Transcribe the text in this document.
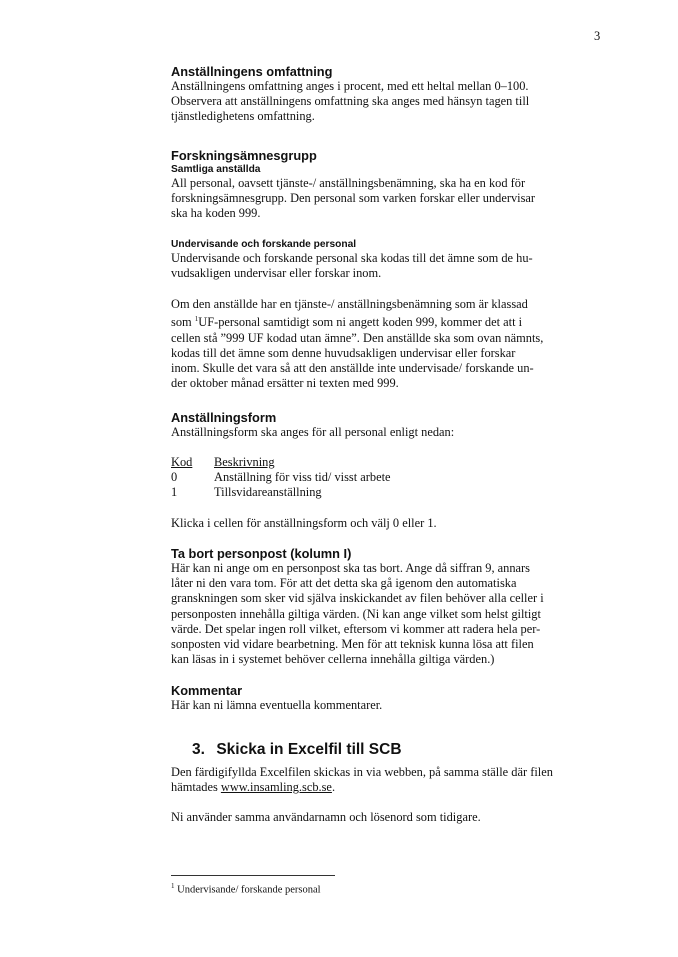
3
Anställningens omfattning
Anställningens omfattning anges i procent, med ett heltal mellan 0–100.
Observera att anställningens omfattning ska anges med hänsyn tagen till
tjänstledighetens omfattning.
Forskningsämnesgrupp
Samtliga anställda
All personal, oavsett tjänste-/ anställningsbenämning, ska ha en kod för
forskningsämnesgrupp. Den personal som varken forskar eller undervisar
ska ha koden 999.
Undervisande och forskande personal
Undervisande och forskande personal ska kodas till det ämne som de hu-
vudsakligen undervisar eller forskar inom.
Om den anställde har en tjänste-/ anställningsbenämning som är klassad
som $^1$UF-personal samtidigt som ni angett koden 999, kommer det att i
cellen stå ”999 UF kodad utan ämne”. Den anställde ska som ovan nämnts,
kodas till det ämne som denne huvudsakligen undervisar eller forskar
inom. Skulle det vara så att den anställde inte undervisade/ forskande un-
der oktober månad ersätter ni texten med 999.
Anställningsform
Anställningsform ska anges för all personal enligt nedan:
Kod	Beskrivning
0	Anställning för viss tid/ visst arbete
1	Tillsvidareanställning
Klicka i cellen för anställningsform och välj 0 eller 1.
Ta bort personpost (kolumn I)
Här kan ni ange om en personpost ska tas bort. Ange då siffran 9, annars
låter ni den vara tom. För att det detta ska gå igenom den automatiska
granskningen som sker vid själva inskickandet av filen behöver alla celler i
personposten innehålla giltiga värden. (Ni kan ange vilket som helst giltigt
värde. Det spelar ingen roll vilket, eftersom vi kommer att radera hela per-
sonposten vid vidare bearbetning. Men för att teknisk kunna lösa att filen
kan läsas in i systemet behöver cellerna innehålla giltiga värden.)
Kommentar
Här kan ni lämna eventuella kommentarer.
3. Skicka in Excelfil till SCB
Den färdigifyllda Excelfilen skickas in via webben, på samma ställe där filen
hämtades www.insamling.scb.se.
Ni använder samma användarnamn och lösenord som tidigare.
$^1$ Undervisande/ forskande personal
